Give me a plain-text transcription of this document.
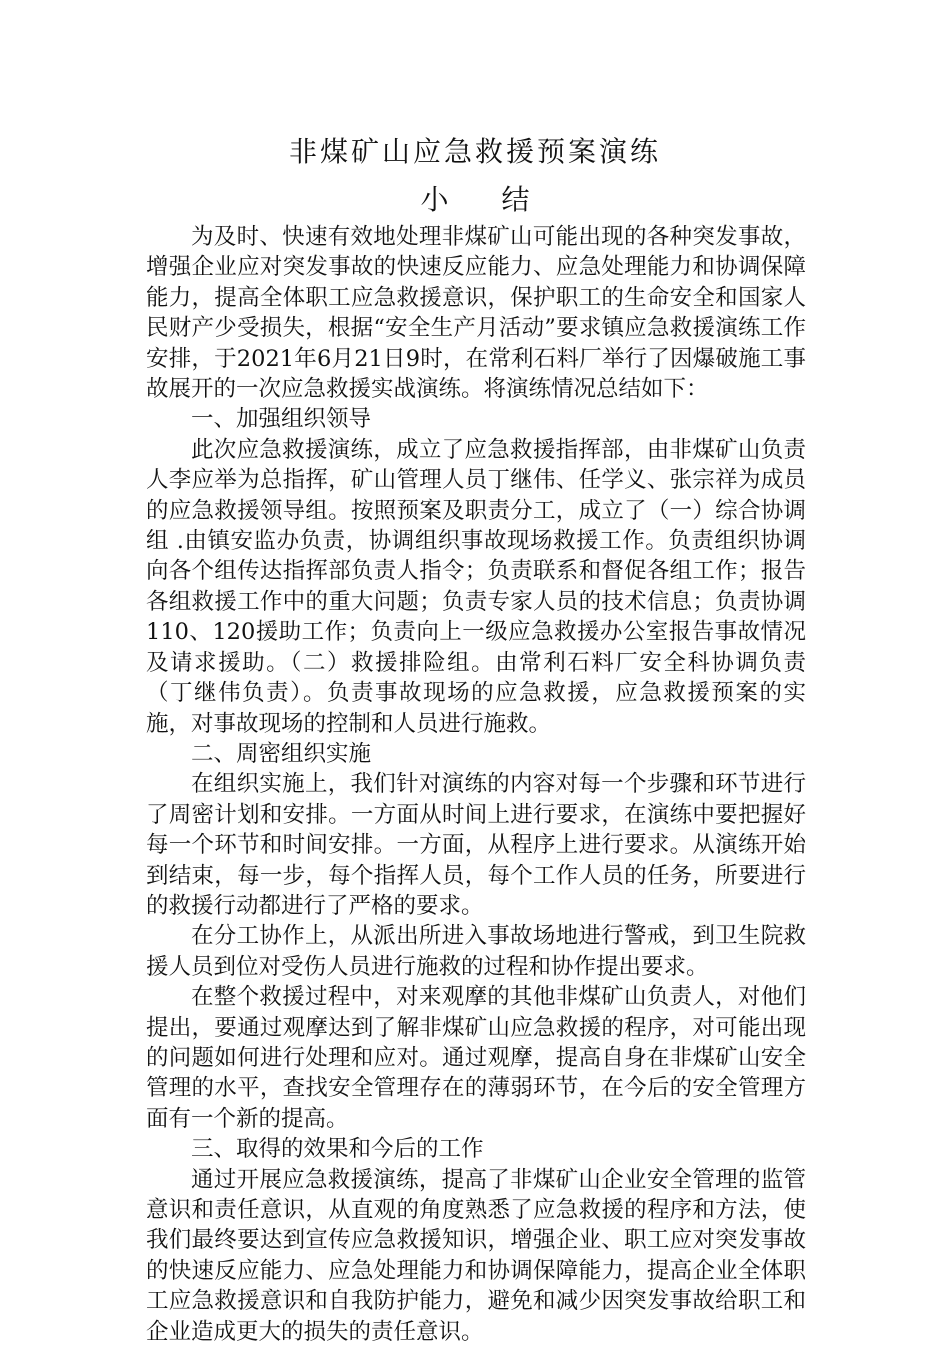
非煤矿山应急救援预案演练
小 结

为及时、快速有效地处理非煤矿山可能出现的各种突发事故，增强企业应对突发事故的快速反应能力、应急处理能力和协调保障能力，提高全体职工应急救援意识，保护职工的生命安全和国家人民财产少受损失，根据“安全生产月活动”要求镇应急救援演练工作安排，于2021年6月21日9时，在常利石料厂举行了因爆破施工事故展开的一次应急救援实战演练。将演练情况总结如下：

一、加强组织领导

此次应急救援演练，成立了应急救援指挥部，由非煤矿山负责人李应举为总指挥，矿山管理人员丁继伟、任学义、张宗祥为成员的应急救援领导组。按照预案及职责分工，成立了（一）综合协调组 .由镇安监办负责，协调组织事故现场救援工作。负责组织协调向各个组传达指挥部负责人指令；负责联系和督促各组工作；报告各组救援工作中的重大问题；负责专家人员的技术信息；负责协调110、120援助工作；负责向上一级应急救援办公室报告事故情况及请求援助。（二）救援排险组。由常利石料厂安全科协调负责（丁继伟负责）。负责事故现场的应急救援，应急救援预案的实施，对事故现场的控制和人员进行施救。

二、周密组织实施

在组织实施上，我们针对演练的内容对每一个步骤和环节进行了周密计划和安排。一方面从时间上进行要求，在演练中要把握好每一个环节和时间安排。一方面，从程序上进行要求。从演练开始到结束，每一步，每个指挥人员，每个工作人员的任务，所要进行的救援行动都进行了严格的要求。

在分工协作上，从派出所进入事故场地进行警戒，到卫生院救援人员到位对受伤人员进行施救的过程和协作提出要求。

在整个救援过程中，对来观摩的其他非煤矿山负责人，对他们提出，要通过观摩达到了解非煤矿山应急救援的程序，对可能出现的问题如何进行处理和应对。通过观摩，提高自身在非煤矿山安全管理的水平，查找安全管理存在的薄弱环节，在今后的安全管理方面有一个新的提高。

三、取得的效果和今后的工作

通过开展应急救援演练，提高了非煤矿山企业安全管理的监管意识和责任意识，从直观的角度熟悉了应急救援的程序和方法，使我们最终要达到宣传应急救援知识，增强企业、职工应对突发事故的快速反应能力、应急处理能力和协调保障能力，提高企业全体职工应急救援意识和自我防护能力，避免和减少因突发事故给职工和企业造成更大的损失的责任意识。
